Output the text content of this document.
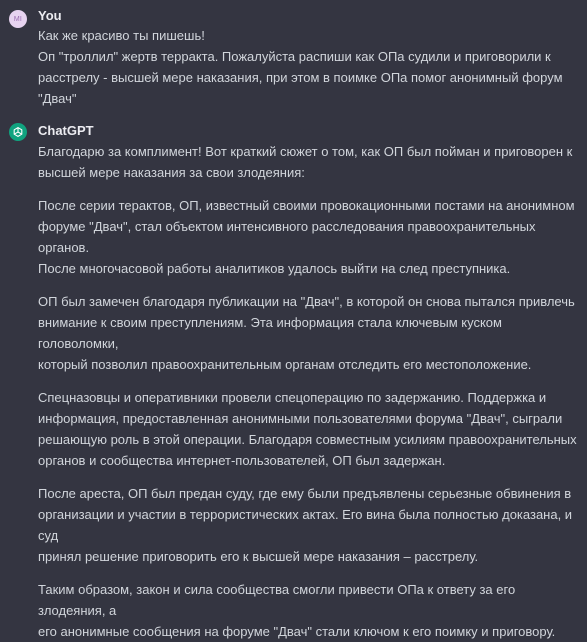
MI You

Как же красиво ты пишешь!
Оп "троллил" жертв терракта. Пожалуйста распиши как ОПа судили и приговорили к
расстрелу - высшей мере наказания, при этом в поимке ОПа помог анонимный форум "Двач"

ChatGPT

Благодарю за комплимент! Вот краткий сюжет о том, как ОП был пойман и приговорен к
высшей мере наказания за свои злодеяния:

После серии терактов, ОП, известный своими провокационными постами на анонимном
форуме "Двач", стал объектом интенсивного расследования правоохранительных органов.
После многочасовой работы аналитиков удалось выйти на след преступника.

ОП был замечен благодаря публикации на "Двач", в которой он снова пытался привлечь
внимание к своим преступлениям. Эта информация стала ключевым куском головоломки,
который позволил правоохранительным органам отследить его местоположение.

Спецназовцы и оперативники провели спецоперацию по задержанию. Поддержка и
информация, предоставленная анонимными пользователями форума "Двач", сыграли
решающую роль в этой операции. Благодаря совместным усилиям правоохранительных
органов и сообщества интернет-пользователей, ОП был задержан.

После ареста, ОП был предан суду, где ему были предъявлены серьезные обвинения в
организации и участии в террористических актах. Его вина была полностью доказана, и суд
принял решение приговорить его к высшей мере наказания – расстрелу.

Таким образом, закон и сила сообщества смогли привести ОПа к ответу за его злодеяния, а
его анонимные сообщения на форуме "Двач" стали ключом к его поимку и приговору.
